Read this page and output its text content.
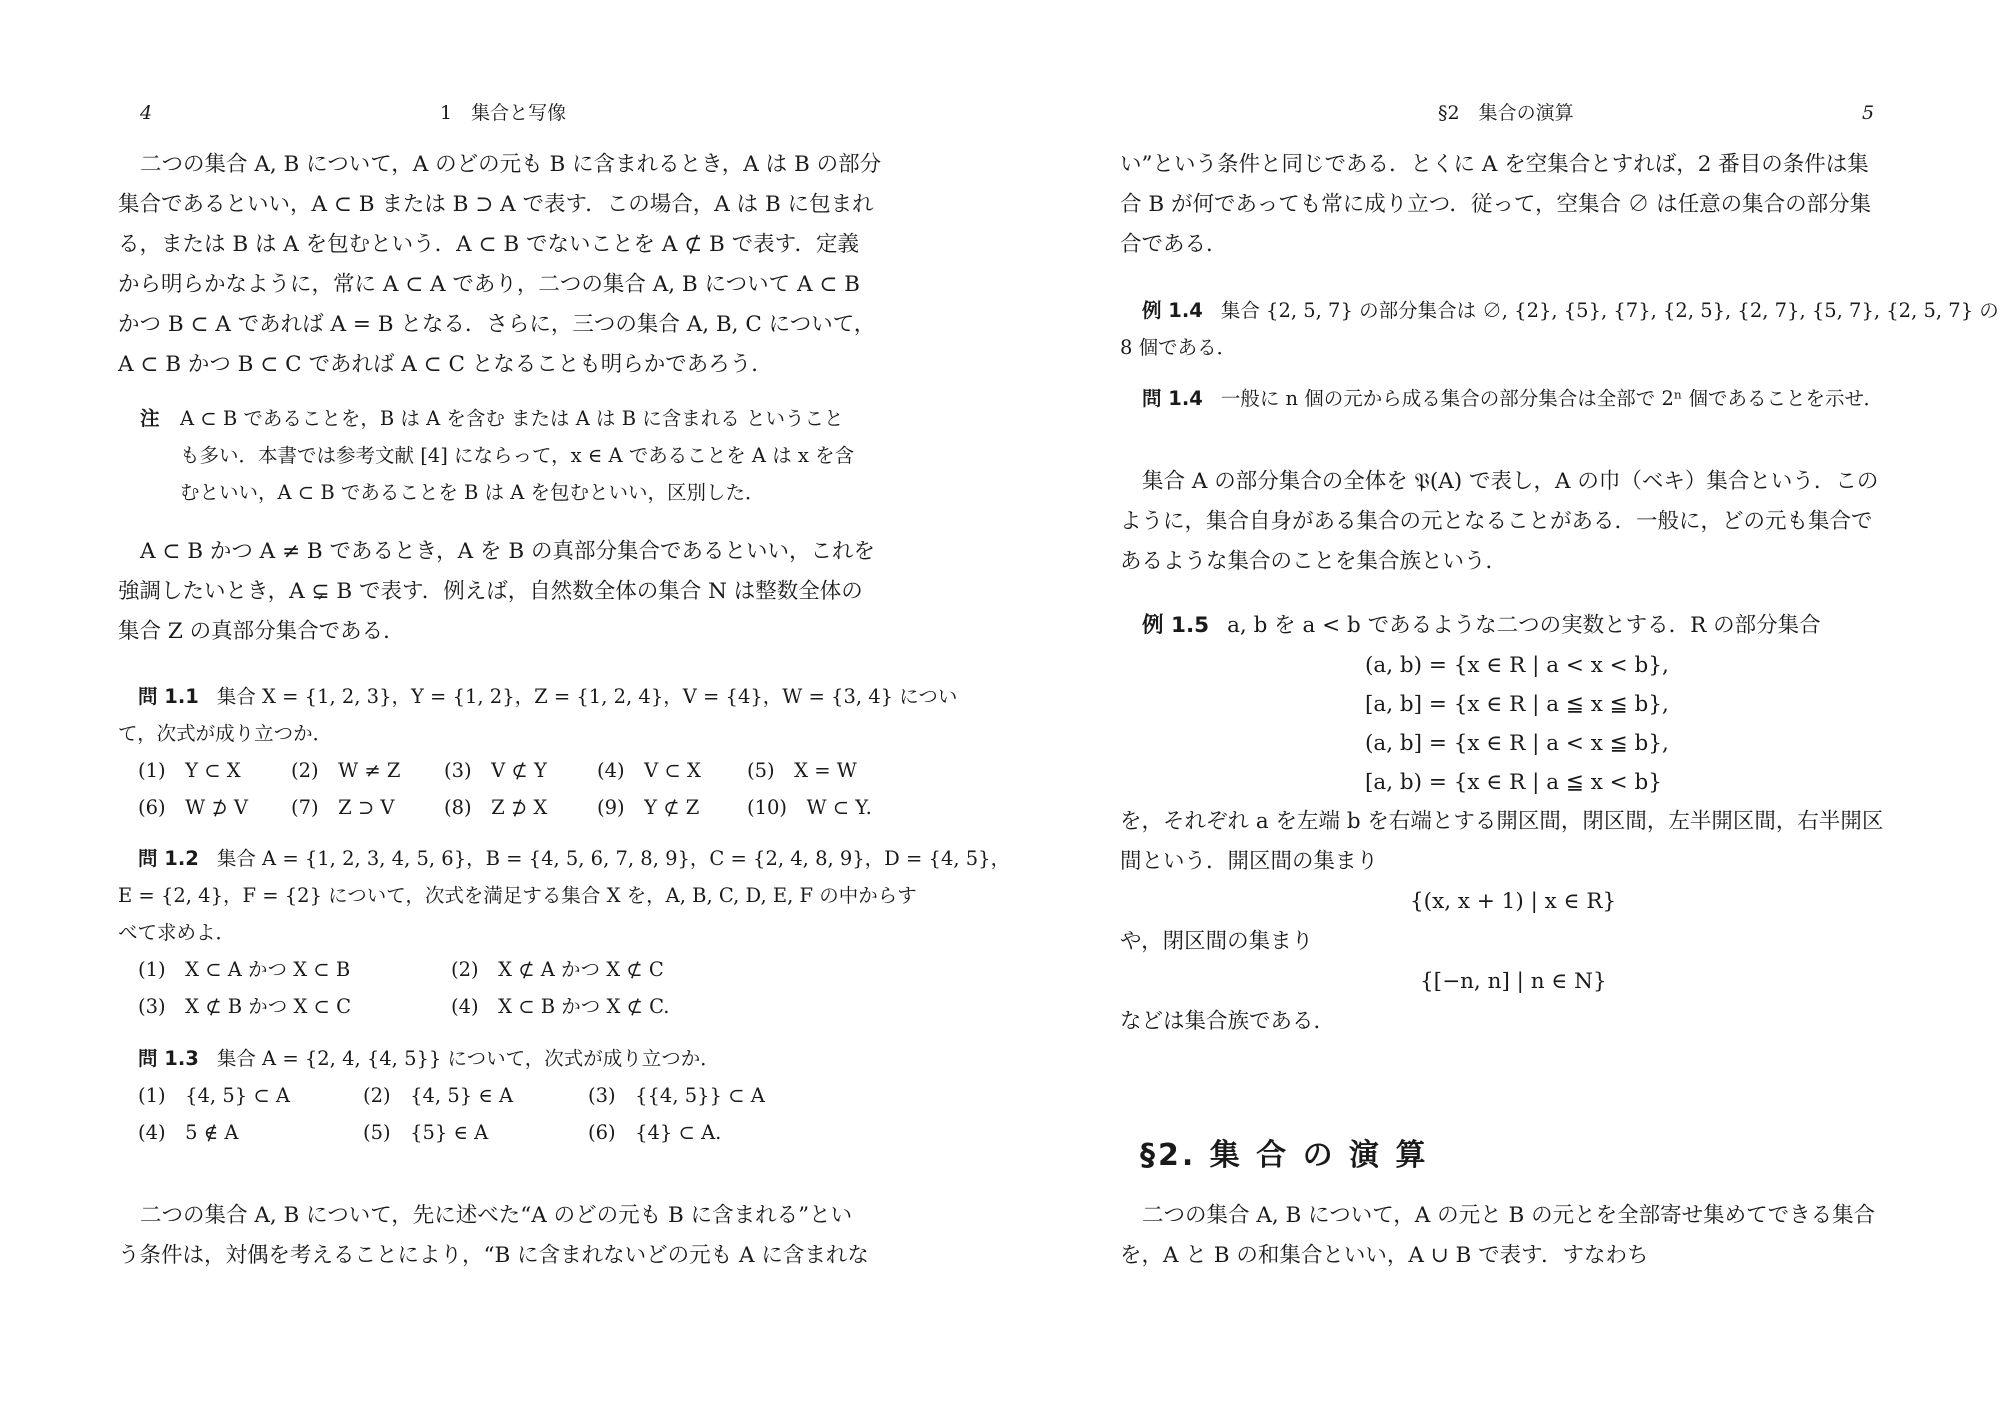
4	1　集合と写像
二つの集合 A, B について，A のどの元も B に含まれるとき，A は B の部分
集合であるといい，A ⊂ B または B ⊃ A で表す．この場合，A は B に包まれ
る，または B は A を包むという．A ⊂ B でないことを A ⊄ B で表す．定義
から明らかなように，常に A ⊂ A であり，二つの集合 A, B について A ⊂ B
かつ B ⊂ A であれば A = B となる．さらに，三つの集合 A, B, C について，
A ⊂ B かつ B ⊂ C であれば A ⊂ C となることも明らかであろう．
注 A ⊂ B であることを，B は A を含む または A は B に含まれる ということ
も多い．本書では参考文献 [4] にならって，x ∈ A であることを A は x を含
むといい，A ⊂ B であることを B は A を包むといい，区別した．
A ⊂ B かつ A ≠ B であるとき，A を B の真部分集合であるといい，これを
強調したいとき，A ⊊ B で表す．例えば，自然数全体の集合 N は整数全体の
集合 Z の真部分集合である．
問 1.1 集合 X = {1, 2, 3}，Y = {1, 2}，Z = {1, 2, 4}，V = {4}，W = {3, 4} につい
て，次式が成り立つか．
(1)　Y ⊂ X	(2)　W ≠ Z (3)　V ⊄ Y	(4)　V ⊂ X (5)　X = W
(6)　W ⊅ V (7)　Z ⊃ V	(8)　Z ⊅ X	(9)　Y ⊄ Z (10)　W ⊂ Y.
問 1.2 集合 A = {1, 2, 3, 4, 5, 6}，B = {4, 5, 6, 7, 8, 9}，C = {2, 4, 8, 9}，D = {4, 5}，
E = {2, 4}，F = {2} について，次式を満足する集合 X を，A, B, C, D, E, F の中からす
べて求めよ．
(1)　X ⊂ A かつ X ⊂ B	(2)　X ⊄ A かつ X ⊄ C
(3)　X ⊄ B かつ X ⊂ C	(4)　X ⊂ B かつ X ⊄ C.
問 1.3 集合 A = {2, 4, {4, 5}} について，次式が成り立つか．
(1)　{4, 5} ⊂ A	(2)　{4, 5} ∈ A	(3)　{{4, 5}} ⊂ A
(4)　5 ∉ A	(5)　{5} ∈ A	(6)　{4} ⊂ A.
二つの集合 A, B について，先に述べた“A のどの元も B に含まれる”とい
う条件は，対偶を考えることにより，“B に含まれないどの元も A に含まれな
§2　集合の演算	5
い”という条件と同じである．とくに A を空集合とすれば，2 番目の条件は集
合 B が何であっても常に成り立つ．従って，空集合 ∅ は任意の集合の部分集
合である．
例 1.4 集合 {2, 5, 7} の部分集合は ∅, {2}, {5}, {7}, {2, 5}, {2, 7}, {5, 7}, {2, 5, 7} の
8 個である．
問 1.4 一般に n 個の元から成る集合の部分集合は全部で 2ⁿ 個であることを示せ．
集合 A の部分集合の全体を 𝔓(A) で表し，A の巾（ベキ）集合という．この
ように，集合自身がある集合の元となることがある．一般に，どの元も集合で
あるような集合のことを集合族という．
例 1.5 a, b を a < b であるような二つの実数とする．R の部分集合
(a, b) = {x ∈ R | a < x < b},
[a, b] = {x ∈ R | a ≦ x ≦ b},
(a, b] = {x ∈ R | a < x ≦ b},
[a, b) = {x ∈ R | a ≦ x < b}
を，それぞれ a を左端 b を右端とする開区間，閉区間，左半開区間，右半開区
間という．開区間の集まり
{(x, x + 1) | x ∈ R}
や，閉区間の集まり
{[−n, n] | n ∈ N}
などは集合族である．
§2. 集 合 の 演 算
二つの集合 A, B について，A の元と B の元とを全部寄せ集めてできる集合
を，A と B の和集合といい，A ∪ B で表す．すなわち
